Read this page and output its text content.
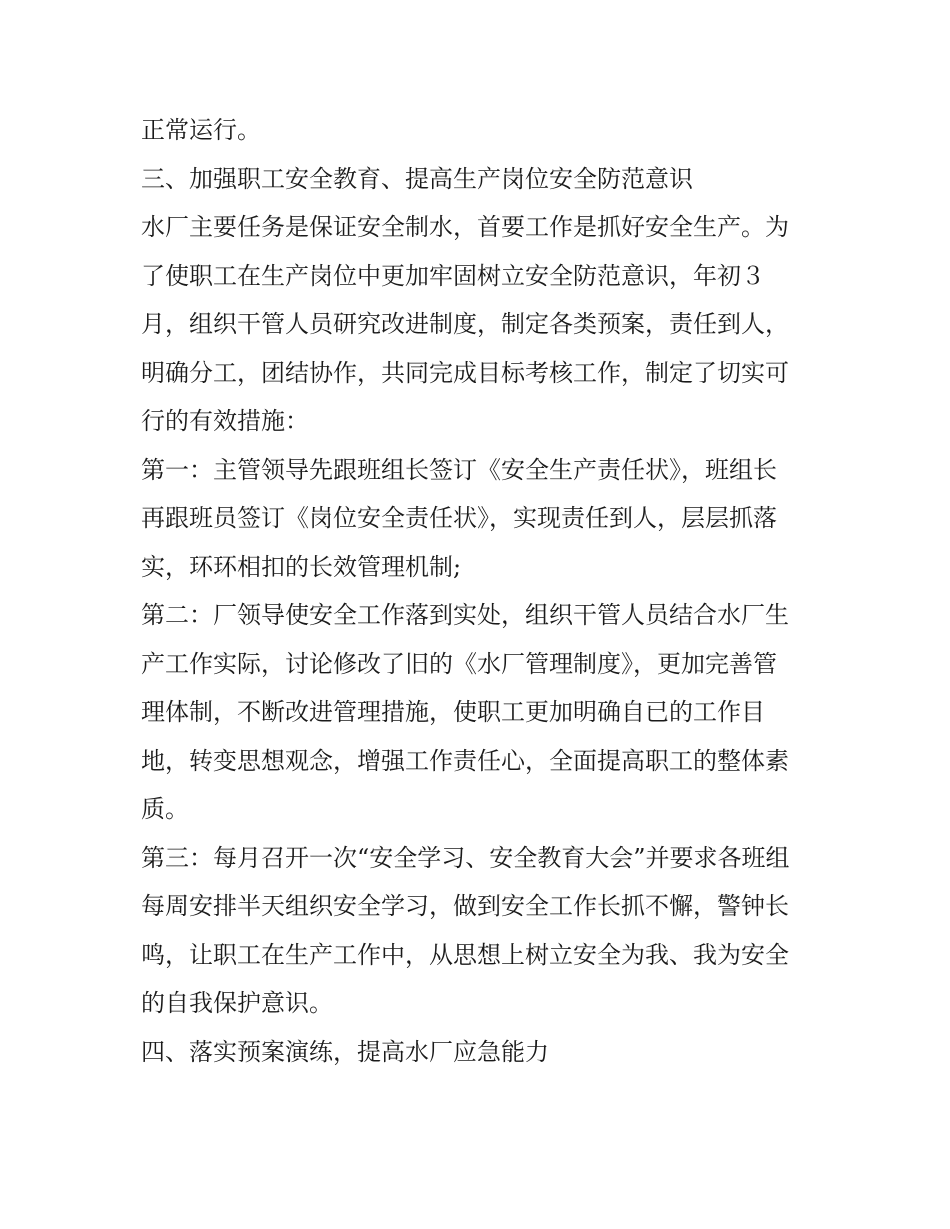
正常运行。
三、加强职工安全教育、提高生产岗位安全防范意识
水厂主要任务是保证安全制水，首要工作是抓好安全生产。为
了使职工在生产岗位中更加牢固树立安全防范意识，年初３
月，组织干管人员研究改进制度，制定各类预案，责任到人，
明确分工，团结协作，共同完成目标考核工作，制定了切实可
行的有效措施：
第一：主管领导先跟班组长签订《安全生产责任状》，班组长
再跟班员签订《岗位安全责任状》，实现责任到人，层层抓落
实，环环相扣的长效管理机制;
第二：厂领导使安全工作落到实处，组织干管人员结合水厂生
产工作实际，讨论修改了旧的《水厂管理制度》，更加完善管
理体制，不断改进管理措施，使职工更加明确自已的工作目
地，转变思想观念，增强工作责任心，全面提高职工的整体素
质。
第三：每月召开一次“安全学习、安全教育大会”并要求各班组
每周安排半天组织安全学习，做到安全工作长抓不懈，警钟长
鸣，让职工在生产工作中，从思想上树立安全为我、我为安全
的自我保护意识。
四、落实预案演练，提高水厂应急能力
